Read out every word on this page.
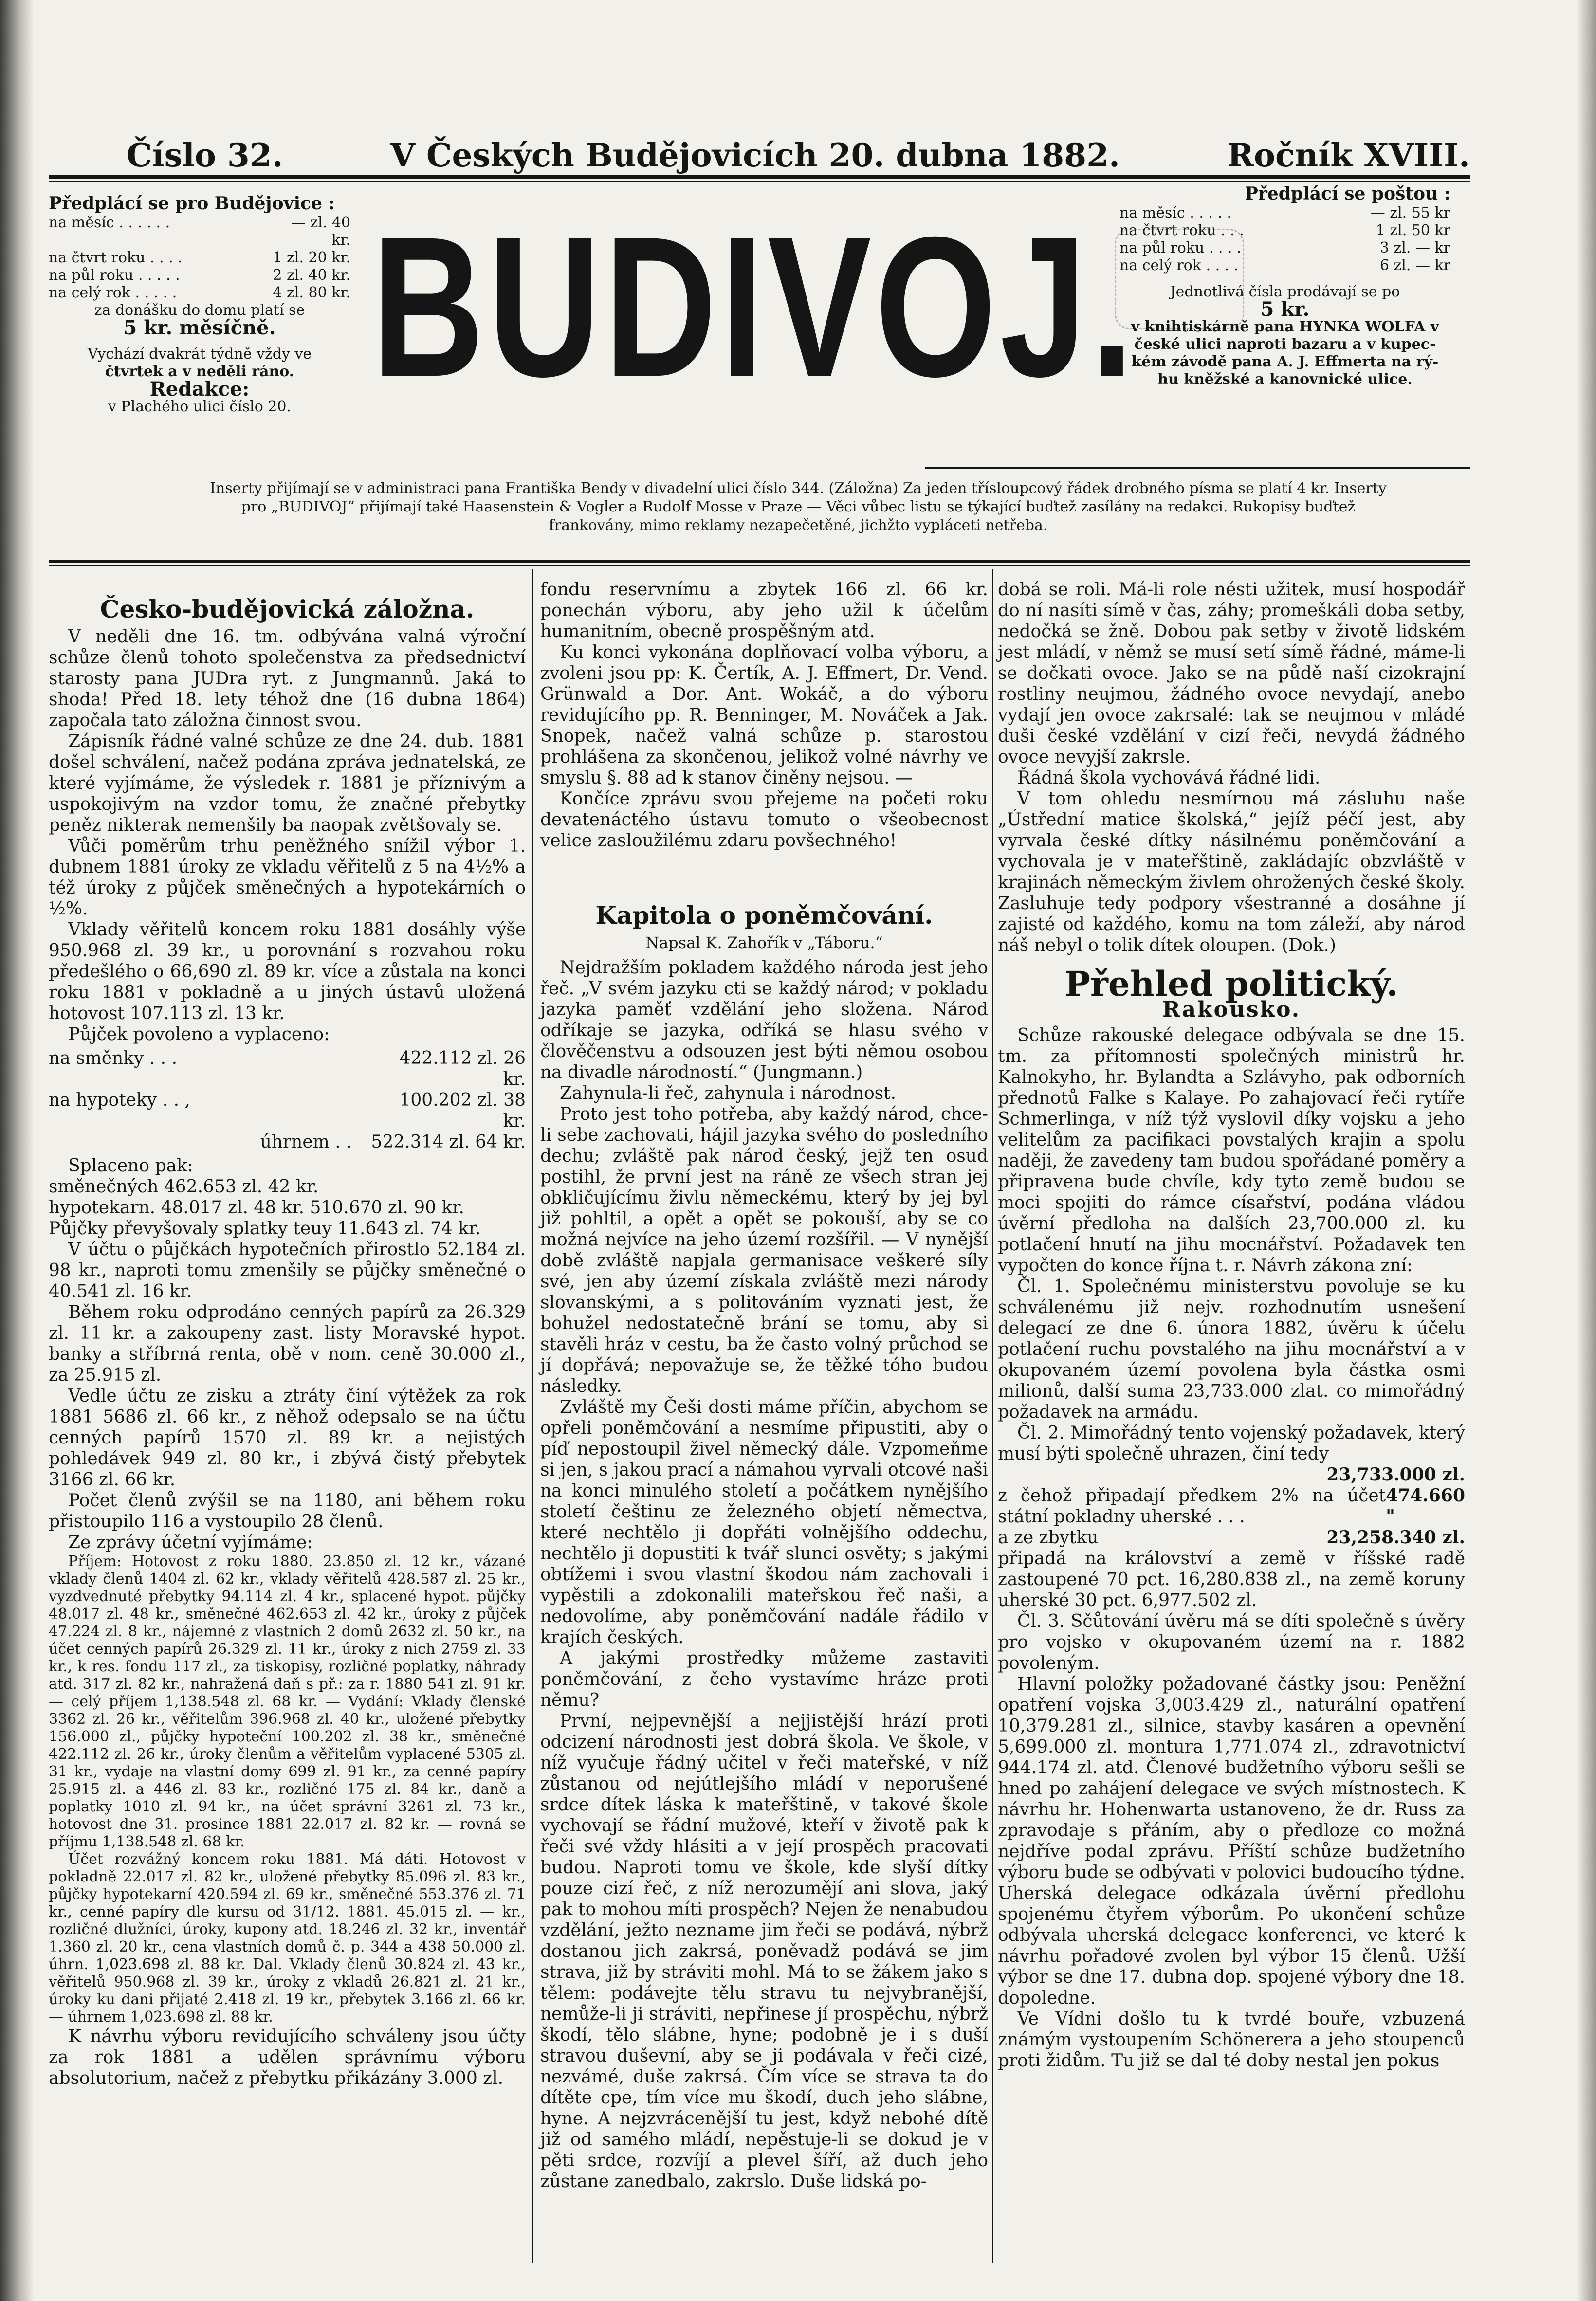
Číslo 32.	V Českých Budějovicích 20. dubna 1882.	Ročník XVIII.
Předplácí se pro Budějovice :
na měsíc . . . . . .	— zl. 40 kr.
na čtvrt roku . . . .	1 zl. 20 kr.
na půl roku . . . . .	2 zl. 40 kr.
na celý rok . . . . .	4 zl. 80 kr.
za donášku do domu platí se
5 kr. měsíčně.
Vychází dvakrát týdně vždy ve
čtvrtek a v neděli ráno.
Redakce:
v Plachého ulici číslo 20. BUDIVOJ.
Předplácí se poštou :
na měsíc . . . . .	— zl. 55 kr
na čtvrt roku . . .	1 zl. 50 kr
na půl roku . . . .	3 zl. — kr
na celý rok . . . .	6 zl. — kr
Jednotlivá čísla prodávají se po
5 kr.
v knihtiskárně pana HYNKA WOLFA v
české ulici naproti bazaru a v kupec-
kém závodě pana A. J. Effmerta na rý-
hu kněžské a kanovnické ulice.
Inserty přijímají se v administraci pana Františka Bendy v divadelní ulici číslo 344. (Záložna) Za jeden třísloupcový řádek drobného písma se platí 4 kr. Inserty
pro „BUDIVOJ“ přijímají také Haasenstein & Vogler a Rudolf Mosse v Praze — Věci vůbec listu se týkající buďtež zasílány na redakci. Rukopisy buďtež
frankovány, mimo reklamy nezapečetěné, jichžto vypláceti netřeba.
Česko-budějovická záložna.

V neděli dne 16. tm. odbývána valná výroční schůze členů tohoto společenstva za předsednictví starosty pana JUDra ryt. z Jungmannů. Jaká to shoda! Před 18. lety téhož dne (16 dubna 1864) započala tato záložna činnost svou.

Zápisník řádné valné schůze ze dne 24. dub. 1881 došel schválení, načež podána zpráva jednatelská, ze které vyjímáme, že výsledek r. 1881 je příznivým a uspokojivým na vzdor tomu, že značné přebytky peněz nikterak nemenšily ba naopak zvětšovaly se.

Vůči poměrům trhu peněžného snížil výbor 1. dubnem 1881 úroky ze vkladu věřitelů z 5 na 4½% a též úroky z půjček směnečných a hypotekárních o ½%.

Vklady věřitelů koncem roku 1881 dosáhly výše 950.968 zl. 39 kr., u porovnání s rozvahou roku předešlého o 66,690 zl. 89 kr. více a zůstala na konci roku 1881 v pokladně a u jiných ústavů uložená hotovost 107.113 zl. 13 kr.

Půjček povoleno a vyplaceno:

na směnky . . .	422.112 zl. 26 kr.
na hypoteky . . ,	100.202 zl. 38 kr.
úhrnem . . 522.314 zl. 64 kr.

Splaceno pak:

směnečných 462.653 zl. 42 kr.
hypotekarn. 48.017 zl. 48 kr. 510.670 zl. 90 kr.
Půjčky převyšovaly splatky teuy 11.643 zl. 74 kr.

V účtu o půjčkách hypotečních přirostlo 52.184 zl. 98 kr., naproti tomu zmenšily se půjčky směnečné o 40.541 zl. 16 kr.

Během roku odprodáno cenných papírů za 26.329 zl. 11 kr. a zakoupeny zast. listy Moravské hypot. banky a stříbrná renta, obě v nom. ceně 30.000 zl., za 25.915 zl.

Vedle účtu ze zisku a ztráty činí výtěžek za rok 1881 5686 zl. 66 kr., z něhož odepsalo se na účtu cenných papírů 1570 zl. 89 kr. a nejistých pohledávek 949 zl. 80 kr., i zbývá čistý přebytek 3166 zl. 66 kr.

Počet členů zvýšil se na 1180, ani během roku přistoupilo 116 a vystoupilo 28 členů.

Ze zprávy účetní vyjímáme:

Příjem: Hotovost z roku 1880. 23.850 zl. 12 kr., vázané vklady členů 1404 zl. 62 kr., vklady věřitelů 428.587 zl. 25 kr., vyzdvednuté přebytky 94.114 zl. 4 kr., splacené hypot. půjčky 48.017 zl. 48 kr., směnečné 462.653 zl. 42 kr., úroky z půjček 47.224 zl. 8 kr., nájemné z vlastních 2 domů 2632 zl. 50 kr., na účet cenných papírů 26.329 zl. 11 kr., úroky z nich 2759 zl. 33 kr., k res. fondu 117 zl., za tiskopisy, rozličné poplatky, náhrady atd. 317 zl. 82 kr., nahražená daň s př.: za r. 1880 541 zl. 91 kr. — celý příjem 1,138.548 zl. 68 kr. — Vydání: Vklady členské 3362 zl. 26 kr., věřitelům 396.968 zl. 40 kr., uložené přebytky 156.000 zl., půjčky hypoteční 100.202 zl. 38 kr., směnečné 422.112 zl. 26 kr., úroky členům a věřitelům vyplacené 5305 zl. 31 kr., vydaje na vlastní domy 699 zl. 91 kr., za cenné papíry 25.915 zl. a 446 zl. 83 kr., rozličné 175 zl. 84 kr., daně a poplatky 1010 zl. 94 kr., na účet správní 3261 zl. 73 kr., hotovost dne 31. prosince 1881 22.017 zl. 82 kr. — rovná se příjmu 1,138.548 zl. 68 kr.

Účet rozvážný koncem roku 1881. Má dáti. Hotovost v pokladně 22.017 zl. 82 kr., uložené přebytky 85.096 zl. 83 kr., půjčky hypotekarní 420.594 zl. 69 kr., směnečné 553.376 zl. 71 kr., cenné papíry dle kursu od 31/12. 1881. 45.015 zl. — kr., rozličné dlužníci, úroky, kupony atd. 18.246 zl. 32 kr., inventář 1.360 zl. 20 kr., cena vlastních domů č. p. 344 a 438 50.000 zl. úhrn. 1,023.698 zl. 88 kr. Dal. Vklady členů 30.824 zl. 43 kr., věřitelů 950.968 zl. 39 kr., úroky z vkladů 26.821 zl. 21 kr., úroky ku dani přijaté 2.418 zl. 19 kr., přebytek 3.166 zl. 66 kr. — úhrnem 1,023.698 zl. 88 kr.

K návrhu výboru revidujícího schváleny jsou účty za rok 1881 a udělen správnímu výboru absolutorium, načež z přebytku přikázány 3.000 zl.

fondu reservnímu a zbytek 166 zl. 66 kr. ponechán výboru, aby jeho užil k účelům humanitním, obecně prospěšným atd.

Ku konci vykonána doplňovací volba výboru, a zvoleni jsou pp: K. Čertík, A. J. Effmert, Dr. Vend. Grünwald a Dor. Ant. Wokáč, a do výboru revidujícího pp. R. Benninger, M. Nováček a Jak. Snopek, načež valná schůze p. starostou prohlášena za skončenou, jelikož volné návrhy ve smyslu §. 88 ad k stanov činěny nejsou. —

Končíce zprávu svou přejeme na početi roku devatenáctého ústavu tomuto o všeobecnost velice zasloužilému zdaru povšechného!

Kapitola o poněmčování.
Napsal K. Zahořík v „Táboru.“

Nejdražším pokladem každého národa jest jeho řeč. „V svém jazyku cti se každý národ; v pokladu jazyka paměť vzdělání jeho složena. Národ odříkaje se jazyka, odříká se hlasu svého v člověčenstvu a odsouzen jest býti němou osobou na divadle národností.“ (Jungmann.)

Zahynula-li řeč, zahynula i národnost.

Proto jest toho potřeba, aby každý národ, chce-li sebe zachovati, hájil jazyka svého do posledního dechu; zvláště pak národ český, jejž ten osud postihl, že první jest na ráně ze všech stran jej obkličujícímu živlu německému, který by jej byl již pohltil, a opět a opět se pokouší, aby se co možná nejvíce na jeho území rozšířil. — V nynější době zvláště napjala germanisace veškeré síly své, jen aby území získala zvláště mezi národy slovanskými, a s politováním vyznati jest, že bohužel nedostatečně brání se tomu, aby si stavěli hráz v cestu, ba že často volný průchod se jí dopřává; nepovažuje se, že těžké tóho budou následky.

Zvláště my Češi dosti máme příčin, abychom se opřeli poněmčování a nesmíme připustiti, aby o píď nepostoupil živel německý dále. Vzpomeňme si jen, s jakou prací a námahou vyrvali otcové naši na konci minulého století a počátkem nynějšího století češtinu ze železného objetí němectva, které nechtělo ji dopřáti volnějšího oddechu, nechtělo ji dopustiti k tvář slunci osvěty; s jakými obtížemi i svou vlastní škodou nám zachovali i vypěstili a zdokonalili mateřskou řeč naši, a nedovolíme, aby poněmčování nadále řádilo v krajích českých.

A jakými prostředky můžeme zastaviti poněmčování, z čeho vystavíme hráze proti němu?

První, nejpevnější a nejjistější hrází proti odcizení národnosti jest dobrá škola. Ve škole, v níž vyučuje řádný učitel v řeči mateřské, v níž zůstanou od nejútlejšího mládí v neporušené srdce dítek láska k mateřštině, v takové škole vychovají se řádní mužové, kteří v životě pak k řeči své vždy hlásiti a v její prospěch pracovati budou. Naproti tomu ve škole, kde slyší dítky pouze cizí řeč, z níž nerozumějí ani slova, jaký pak to mohou míti prospěch? Nejen že nenabudou vzdělání, ježto nezname jim řeči se podává, nýbrž dostanou jich zakrsá, poněvadž podává se jim strava, již by stráviti mohl. Má to se žákem jako s tělem: podávejte tělu stravu tu nejvybranější, nemůže-li ji stráviti, nepřinese jí prospěchu, nýbrž škodí, tělo slábne, hyne; podobně je i s duší stravou duševní, aby se ji podávala v řeči cizé, nezvámé, duše zakrsá. Čím více se strava ta do dítěte cpe, tím více mu škodí, duch jeho slábne, hyne. A nejzvrácenější tu jest, když nebohé dítě již od samého mládí, nepěstuje-li se dokud je v pěti srdce, rozvíjí a plevel šíří, až duch jeho zůstane zanedbalo, zakrslo. Duše lidská po-

dobá se roli. Má-li role nésti užitek, musí hospodář do ní nasíti símě v čas, záhy; promeškáli doba setby, nedočká se žně. Dobou pak setby v životě lidském jest mládí, v němž se musí setí símě řádné, máme-li se dočkati ovoce. Jako se na půdě naší cizokrajní rostliny neujmou, žádného ovoce nevydají, anebo vydají jen ovoce zakrsalé: tak se neujmou v mládé duši české vzdělání v cizí řeči, nevydá žádného ovoce nevyjší zakrsle.

Řádná škola vychovává řádné lidi.

V tom ohledu nesmírnou má zásluhu naše „Ústřední matice školská,“ jejíž péčí jest, aby vyrvala české dítky násilnému poněmčování a vychovala je v mateřštině, zakládajíc obzvláště v krajinách německým živlem ohrožených české školy. Zasluhuje tedy podpory všestranné a dosáhne jí zajisté od každého, komu na tom záleží, aby národ náš nebyl o tolik dítek oloupen. (Dok.)

Přehled politický.
Rakousko.

Schůze rakouské delegace odbývala se dne 15. tm. za přítomnosti společných ministrů hr. Kalnokyho, hr. Bylandta a Szlávyho, pak odborních přednotů Falke s Kalaye. Po zahajovací řeči rytíře Schmerlinga, v níž týž vyslovil díky vojsku a jeho velitelům za pacifikaci povstalých krajin a spolu naději, že zavedeny tam budou spořádané poměry a připravena bude chvíle, kdy tyto země budou se moci spojiti do rámce císařství, podána vládou úvěrní předloha na dalších 23,700.000 zl. ku potlačení hnutí na jihu mocnářství. Požadavek ten vypočten do konce října t. r. Návrh zákona zní:

Čl. 1. Společnému ministerstvu povoluje se ku schválenému již nejv. rozhodnutím usnešení delegací ze dne 6. února 1882, úvěru k účelu potlačení ruchu povstalého na jihu mocnářství a v okupovaném území povolena byla částka osmi milionů, další suma 23,733.000 zlat. co mimořádný požadavek na armádu.

Čl. 2. Mimořádný tento vojenský požadavek, který musí býti společně uhrazen, činí tedy

23,733.000 zl.
z čehož připadají předkem 2% na účet státní pokladny uherské . . .
474.660 "
a ze zbytku	23,258.340 zl.

připadá na království a země v říšské radě zastoupené 70 pct. 16,280.838 zl., na země koruny uherské 30 pct. 6,977.502 zl.

Čl. 3. Sčůtování úvěru má se díti společně s úvěry pro vojsko v okupovaném území na r. 1882 povoleným.

Hlavní položky požadované částky jsou: Peněžní opatření vojska 3,003.429 zl., naturální opatření 10,379.281 zl., silnice, stavby kasáren a opevnění 5,699.000 zl. montura 1,771.074 zl., zdravotnictví 944.174 zl. atd. Členové budžetního výboru sešli se hned po zahájení delegace ve svých místnostech. K návrhu hr. Hohenwarta ustanoveno, že dr. Russ za zpravodaje s přáním, aby o předloze co možná nejdříve podal zprávu. Příští schůze budžetního výboru bude se odbývati v polovici budoucího týdne. Uherská delegace odkázala úvěrní předlohu spojenému čtyřem výborům. Po ukončení schůze odbývala uherská delegace konferenci, ve které k návrhu pořadové zvolen byl výbor 15 členů. Užší výbor se dne 17. dubna dop. spojené výbory dne 18. dopoledne.

Ve Vídni došlo tu k tvrdé bouře, vzbuzená známým vystoupením Schönerera a jeho stoupenců proti židům. Tu již se dal té doby nestal jen pokus
